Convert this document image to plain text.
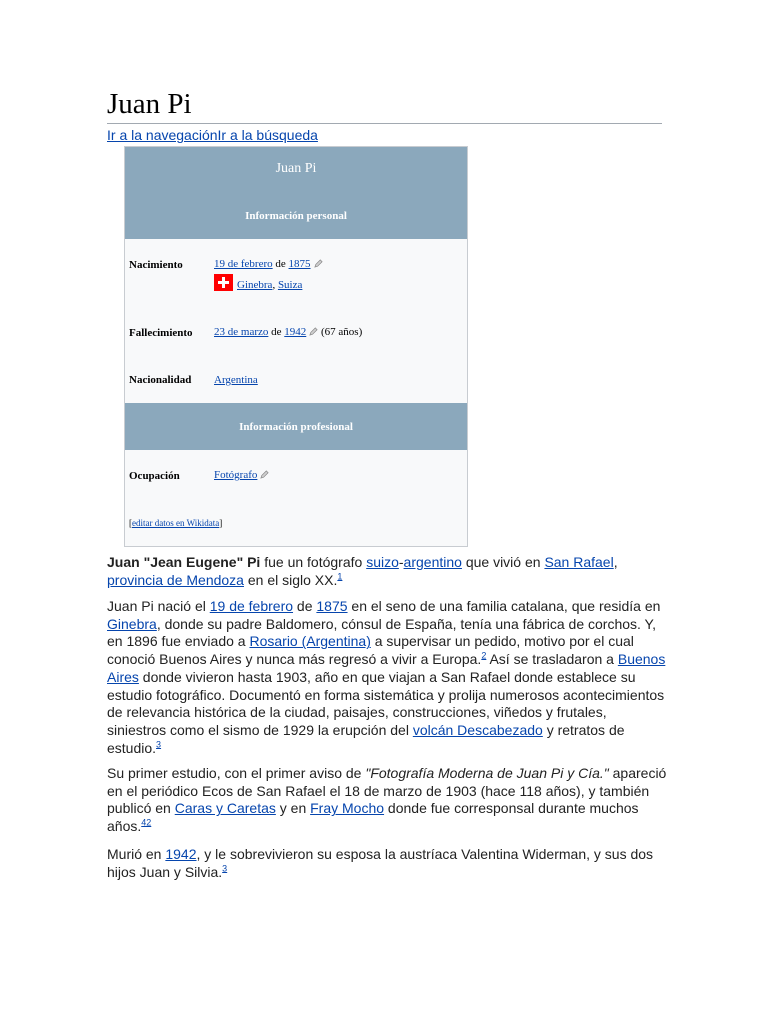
Juan Pi
Ir a la navegaciónIr a la búsqueda
Juan Pi
Información personal
Nacimiento	19 de febrero de 1875
Ginebra, Suiza
Fallecimiento 23 de marzo de 1942 (67 años)
Nacionalidad Argentina
Información profesional
Ocupación	Fotógrafo
[editar datos en Wikidata]

Juan "Jean Eugene" Pi fue un fotógrafo suizo-argentino que vivió en San Rafael, provincia de Mendoza en el siglo XX.$^1$

Juan Pi nació el 19 de febrero de 1875 en el seno de una familia catalana, que residía en Ginebra, donde su padre Baldomero, cónsul de España, tenía una fábrica de corchos. Y, en 1896 fue enviado a Rosario (Argentina) a supervisar un pedido, motivo por el cual conoció Buenos Aires y nunca más regresó a vivir a Europa.$^2$ Así se trasladaron a Buenos Aires donde vivieron hasta 1903, año en que viajan a San Rafael donde establece su estudio fotográfico. Documentó en forma sistemática y prolija numerosos acontecimientos de relevancia histórica de la ciudad, paisajes, construcciones, viñedos y frutales, siniestros como el sismo de 1929 la erupción del volcán Descabezado y retratos de estudio.$^3$

Su primer estudio, con el primer aviso de "Fotografía Moderna de Juan Pi y Cía." apareció en el periódico Ecos de San Rafael el 18 de marzo de 1903 (hace 118 años), y también publicó en Caras y Caretas y en Fray Mocho donde fue corresponsal durante muchos años.$^{42}$

Murió en 1942, y le sobrevivieron su esposa la austríaca Valentina Widerman, y sus dos hijos Juan y Silvia.$^3$
